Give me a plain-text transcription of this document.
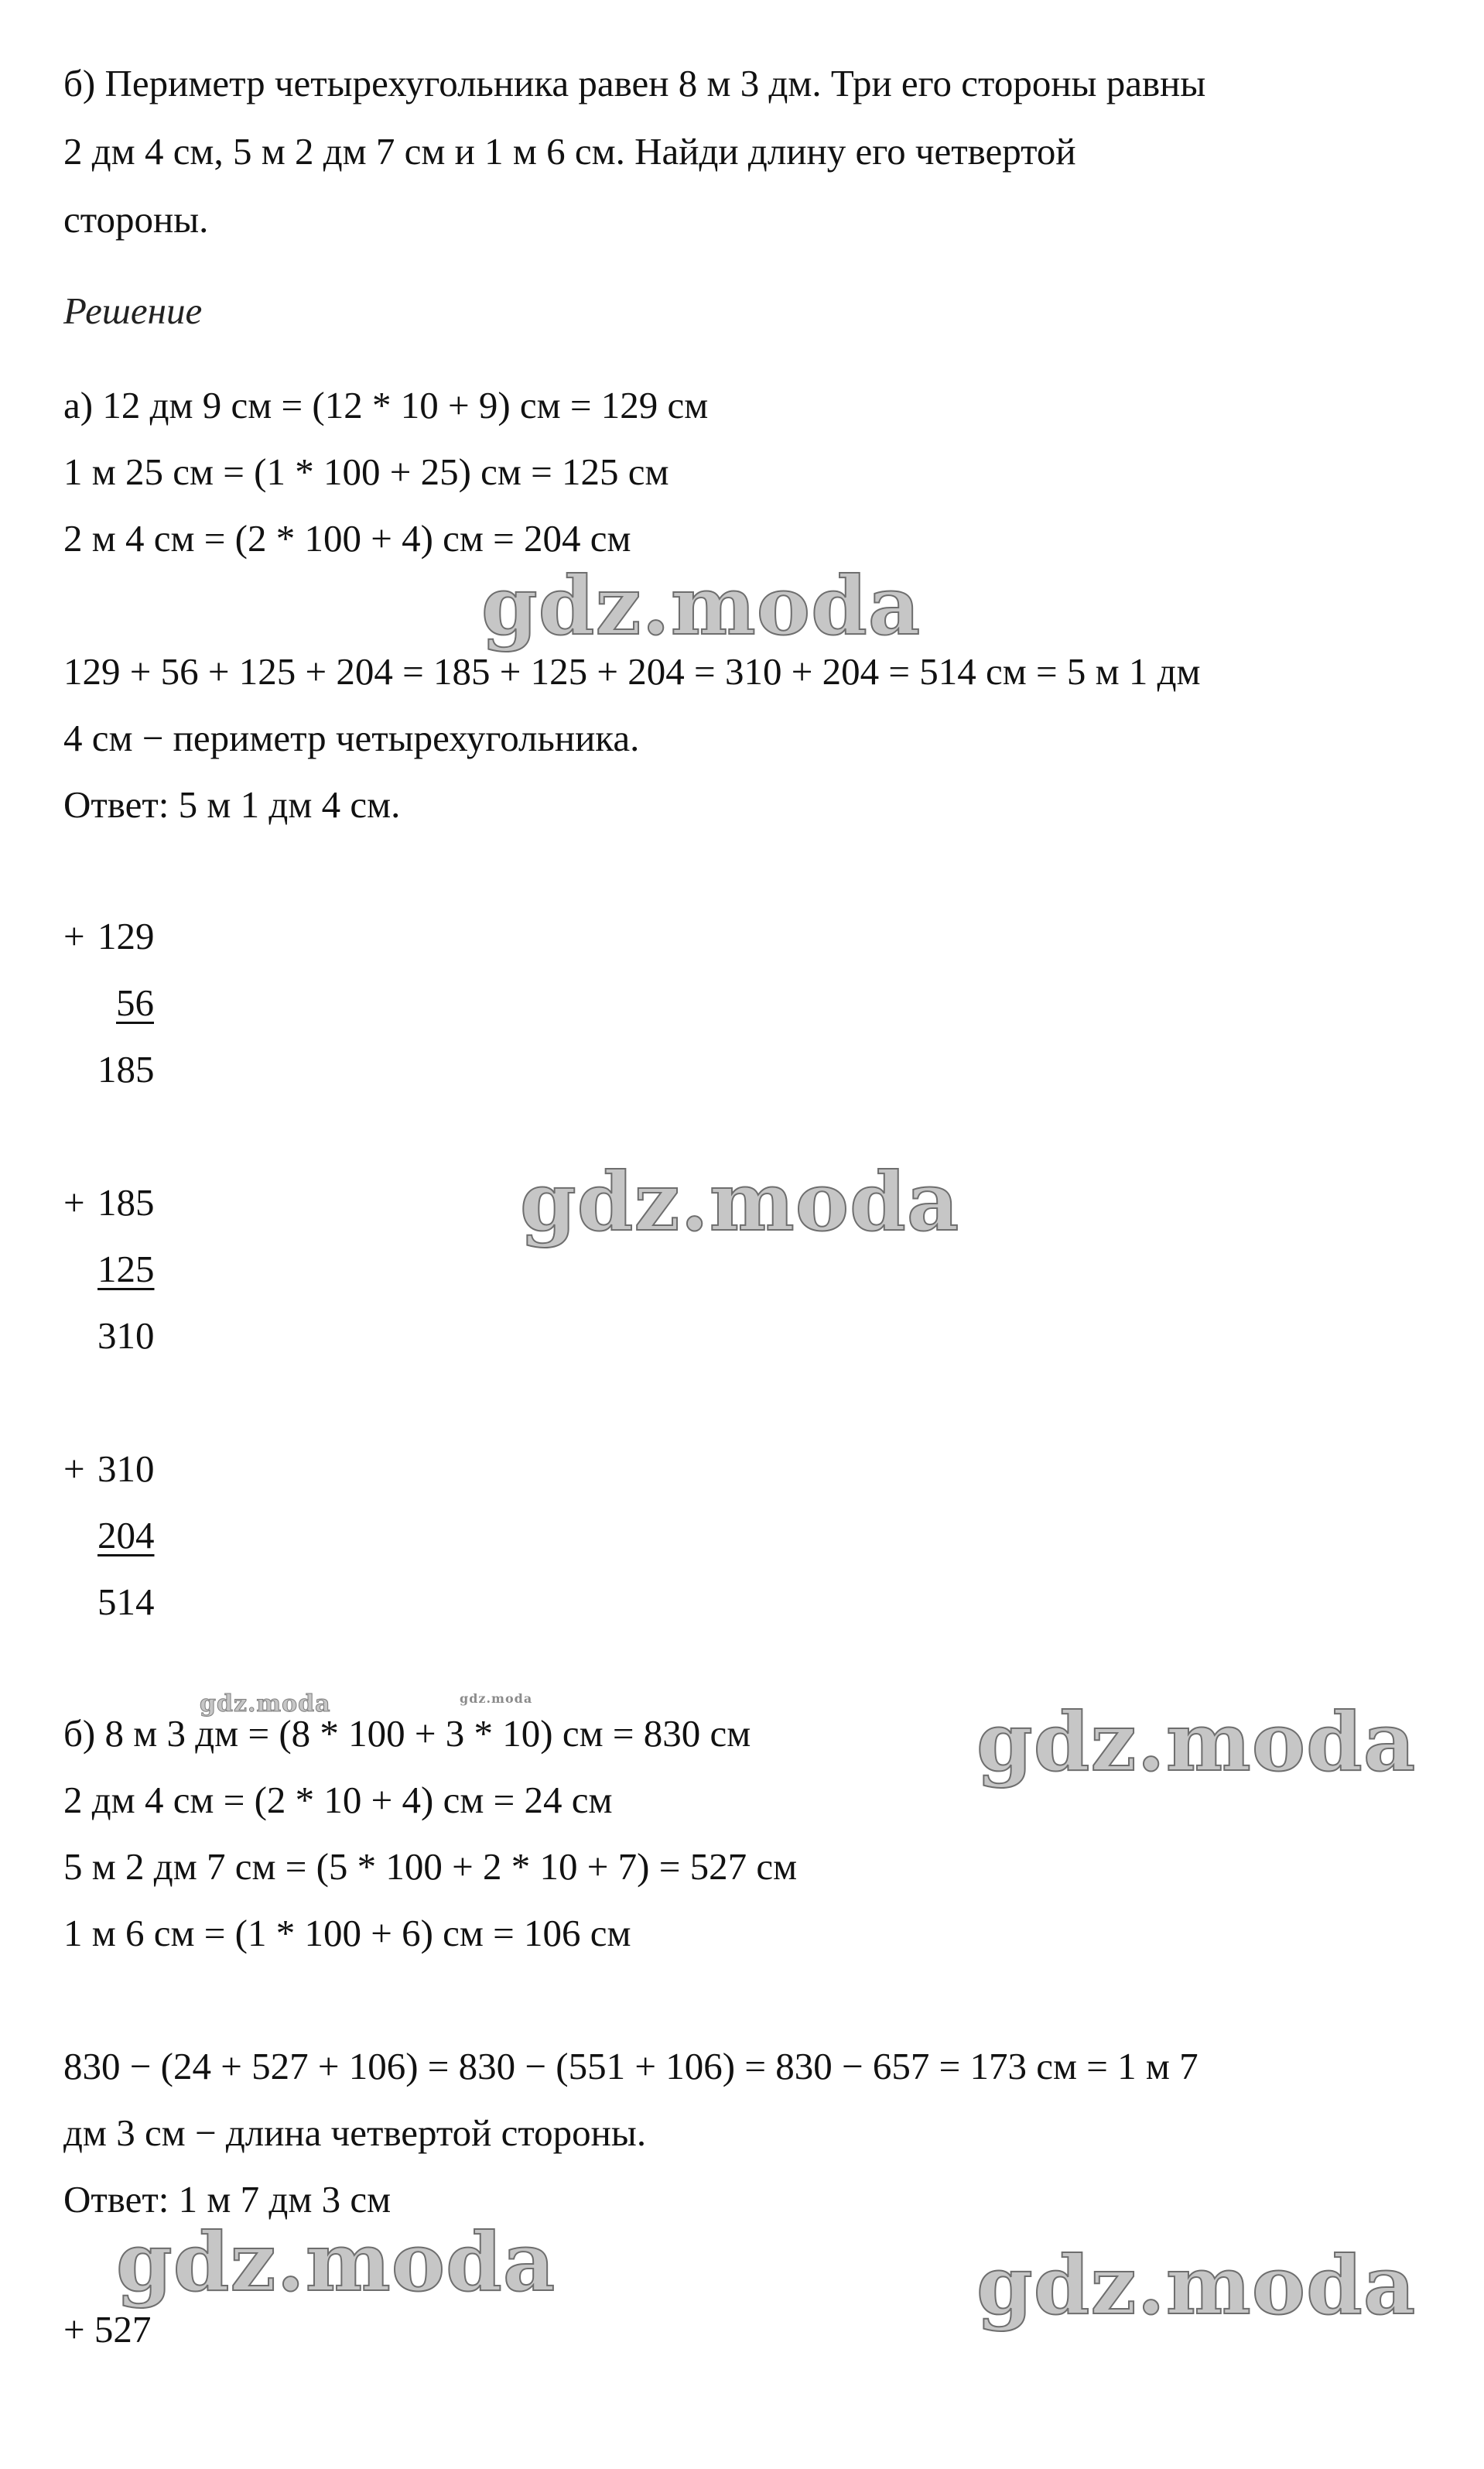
б) Периметр четырехугольника равен 8 м 3 дм. Три его стороны равны
2 дм 4 см, 5 м 2 дм 7 см и 1 м 6 см. Найди длину его четвертой
стороны.
Решение
а) 12 дм 9 см = (12 * 10 + 9) см = 129 см
1 м 25 см = (1 * 100 + 25) см = 125 см
2 м 4 см = (2 * 100 + 4) см = 204 см
129 + 56 + 125 + 204 = 185 + 125 + 204 = 310 + 204 = 514 см = 5 м 1 дм
4 см − периметр четырехугольника.
Ответ: 5 м 1 дм 4 см.
+ 129
56
185
+ 185
125
310
+ 310
204
514
б) 8 м 3 дм = (8 * 100 + 3 * 10) см = 830 см
2 дм 4 см = (2 * 10 + 4) см = 24 см
5 м 2 дм 7 см = (5 * 100 + 2 * 10 + 7) = 527 см
1 м 6 см = (1 * 100 + 6) см = 106 см
830 − (24 + 527 + 106) = 830 − (551 + 106) = 830 − 657 = 173 см = 1 м 7
дм 3 см − длина четвертой стороны.
Ответ: 1 м 7 дм 3 см
+ 527
gdz.moda
gdz.moda
gdz.moda
gdz.moda	gdz.moda
gdz.moda	gdz.moda
